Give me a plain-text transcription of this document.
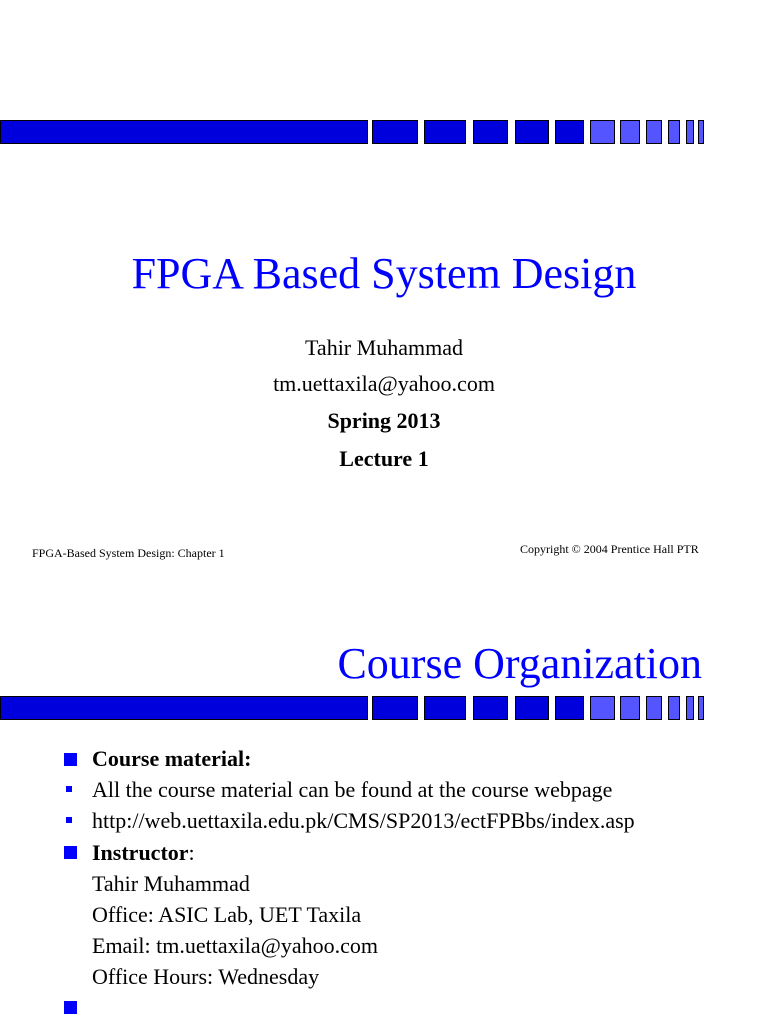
FPGA Based System Design
Tahir Muhammad
tm.uettaxila@yahoo.com
Spring 2013
Lecture 1
FPGA-Based System Design: Chapter 1	Copyright © 2004 Prentice Hall PTR
Course Organization
Course material:
All the course material can be found at the course webpage
http://web.uettaxila.edu.pk/CMS/SP2013/ectFPBbs/index.asp
Instructor:
Tahir Muhammad
Office: ASIC Lab, UET Taxila
Email: tm.uettaxila@yahoo.com
Office Hours: Wednesday
